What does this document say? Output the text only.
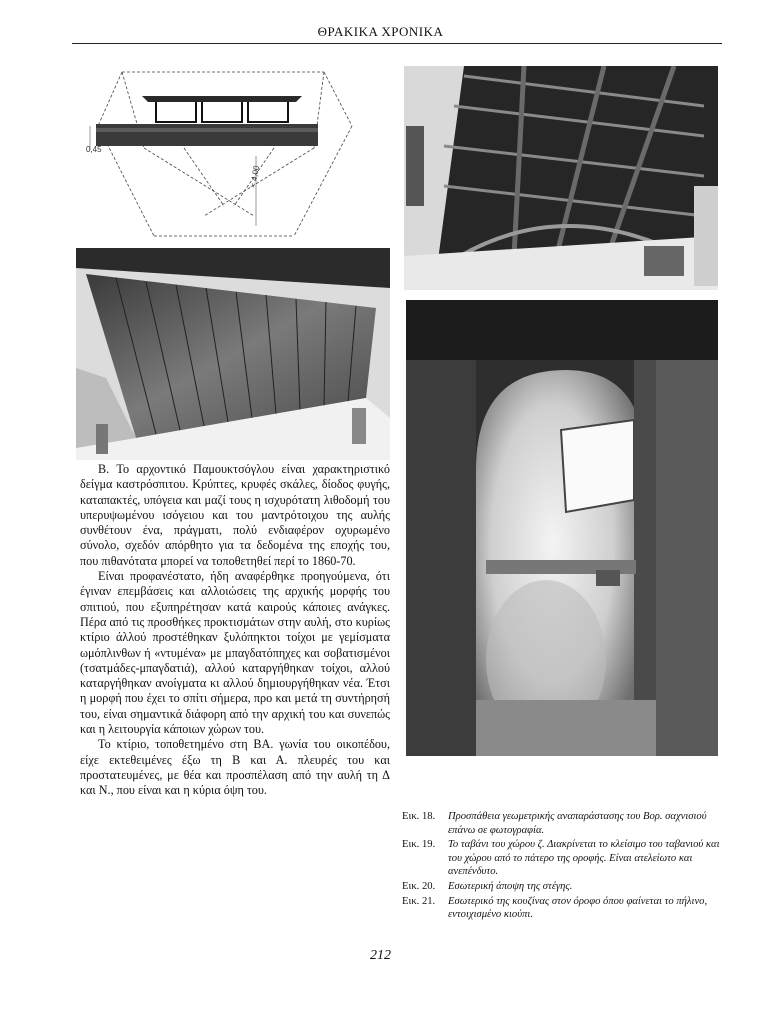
ΘΡΑΚΙΚΑ ΧΡΟΝΙΚΑ
0,45
≈ 4,00

Β. Το αρχοντικό Παμουκτσόγλου είναι χαρακτηριστικό δείγμα καστρόσπιτου. Κρύπτες, κρυφές σκάλες, δίοδος φυγής, καταπακτές, υπόγεια και μαζί τους η ισχυρότατη λιθοδομή του υπερυψωμένου ισόγειου και του μαντρότοιχου της αυλής συνθέτουν ένα, πράγματι, πολύ ενδιαφέρον οχυρωμένο σύνολο, σχεδόν απόρθητο για τα δεδομένα της εποχής του, που πιθανότατα μπορεί να τοποθετηθεί περί το 1860-70.

Είναι προφανέστατο, ήδη αναφέρθηκε προηγούμενα, ότι έγιναν επεμβάσεις και αλλοιώσεις της αρχικής μορφής του σπιτιού, που εξυπηρέτησαν κατά καιρούς κάποιες ανάγκες. Πέρα από τις προσθήκες προκτισμάτων στην αυλή, στο κυρίως κτίριο άλλού προστέθηκαν ξυλόπηκτοι τοίχοι με γεμίσματα ωμόπλινθων ή «ντυμένα» με μπαγδατόπηχες και σοβατισμένοι (τσατμάδες-μπαγδατιά), αλλού καταργήθηκαν τοίχοι, αλλού καταργήθηκαν ανοίγματα κι αλλού δημιουργήθηκαν νέα. Έτσι η μορφή που έχει το σπίτι σήμερα, προ και μετά τη συντήρησή του, είναι σημαντικά διάφορη από την αρχική του και συνεπώς και η λειτουργία κάποιων χώρων του.

Το κτίριο, τοποθετημένο στη ΒΑ. γωνία του οικοπέδου, είχε εκτεθειμένες έξω τη Β και Α. πλευρές του και προστατευμένες, με θέα και προσπέλαση από την αυλή τη Δ και Ν., που είναι και η κύρια όψη του.

Εικ. 18.	Προσπάθεια γεωμετρικής αναπαράστασης του Βορ. σαχνισιού επάνω σε φωτογραφία.
Εικ. 19.	Το ταβάνι του χώρου ζ. Διακρίνεται το κλείσιμο του ταβανιού και του χώρου από το πάτερο της οροφής. Είναι ατελείωτο και ανεπένδυτο.
Εικ. 20.	Εσωτερική άποψη της στέγης.
Εικ. 21.	Εσωτερικό της κουζίνας στον όροφο όπου φαίνεται το πήλινο, εντοιχισμένο κιούπι.
212
